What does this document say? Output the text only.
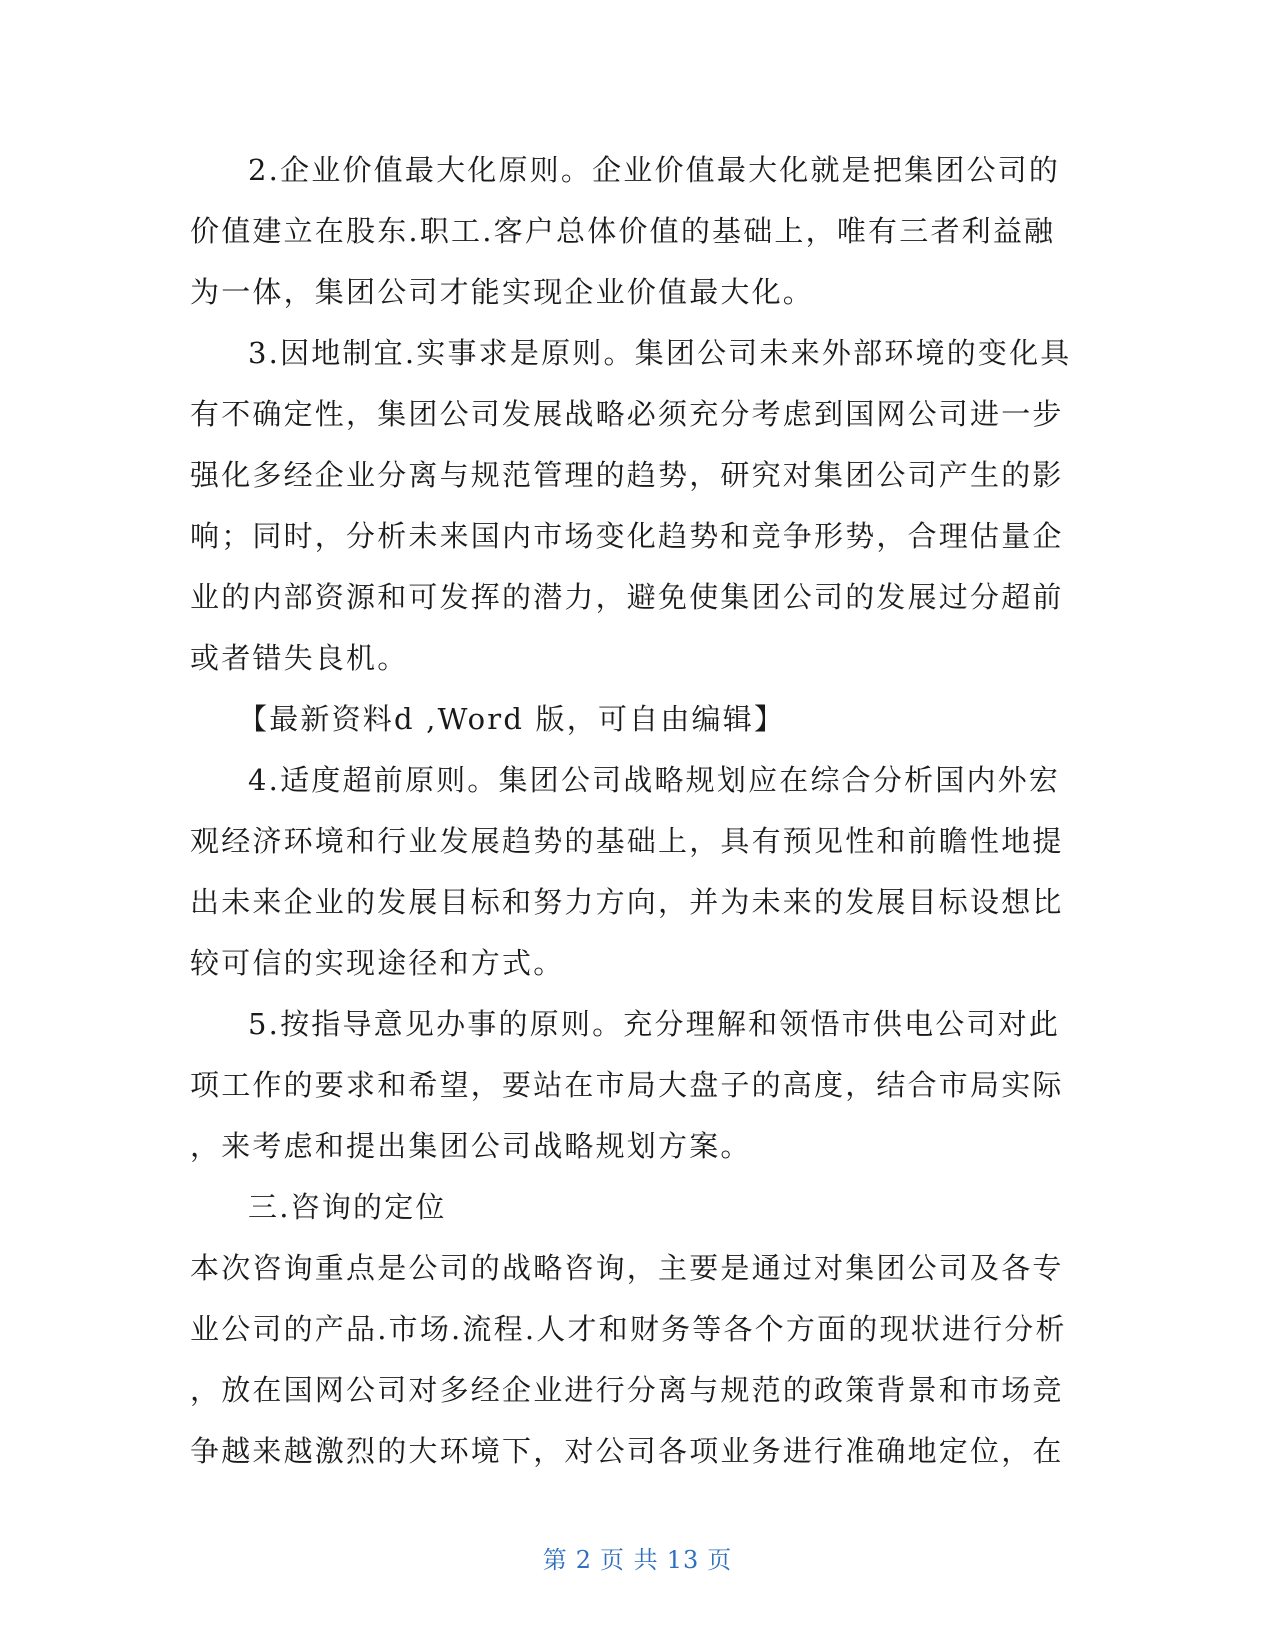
2.企业价值最大化原则。企业价值最大化就是把集团公司的
价值建立在股东.职工.客户总体价值的基础上，唯有三者利益融
为一体，集团公司才能实现企业价值最大化。
3.因地制宜.实事求是原则。集团公司未来外部环境的变化具
有不确定性，集团公司发展战略必须充分考虑到国网公司进一步
强化多经企业分离与规范管理的趋势，研究对集团公司产生的影
响；同时，分析未来国内市场变化趋势和竞争形势，合理估量企
业的内部资源和可发挥的潜力，避免使集团公司的发展过分超前
或者错失良机。
【最新资料d ,Word 版，可自由编辑】
4.适度超前原则。集团公司战略规划应在综合分析国内外宏
观经济环境和行业发展趋势的基础上，具有预见性和前瞻性地提
出未来企业的发展目标和努力方向，并为未来的发展目标设想比
较可信的实现途径和方式。
5.按指导意见办事的原则。充分理解和领悟市供电公司对此
项工作的要求和希望，要站在市局大盘子的高度，结合市局实际
，来考虑和提出集团公司战略规划方案。
三.咨询的定位
本次咨询重点是公司的战略咨询，主要是通过对集团公司及各专
业公司的产品.市场.流程.人才和财务等各个方面的现状进行分析
，放在国网公司对多经企业进行分离与规范的政策背景和市场竞
争越来越激烈的大环境下，对公司各项业务进行准确地定位，在
第 2 页 共 13 页
